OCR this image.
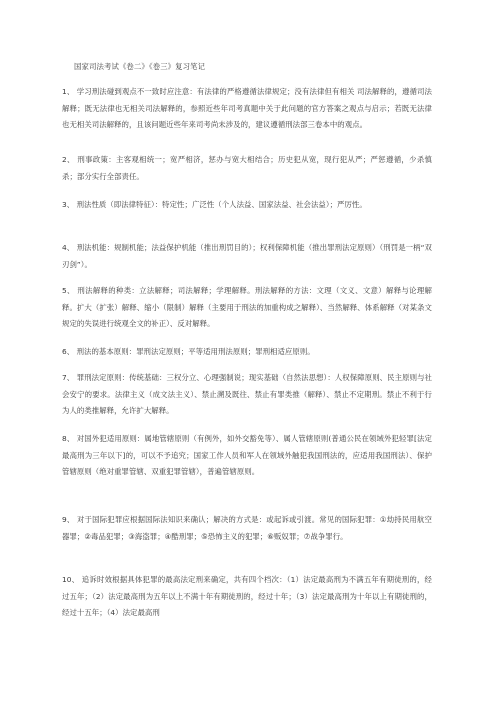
国家司法考试《卷二》《卷三》复习笔记
1、 学习刑法碰到观点不一致时应注意：有法律的严格遵循法律规定；没有法律但有相关 司法解释的，遵循司法解释；既无法律也无相关司法解释的，参照近些年司考真题中关于此问题的官方答案之观点与启示；若既无法律也无相关司法解释的，且该问题近些年来司考尚未涉及的，建议遵循刑法部三卷本中的观点。
2、 刑事政策：主客观相统一；宽严相济，惩办与宽大相结合；历史犯从宽，现行犯从严；严惩遵循，少杀慎杀；部分实行全部责任。
3、 刑法性质（即法律特征）：特定性；广泛性（个人法益、国家法益、社会法益）；严厉性。
4、 刑法机能：规制机能；法益保护机能（推出刑罚目的）；权利保障机能（推出罪刑法定原则）（刑罚是一柄“双刃剑”）。
5、 刑法解释的种类：立法解释；司法解释；学理解释。刑法解释的方法：文理（文义、文意）解释与论理解释。扩大（扩张）解释、缩小（限制）解释（主要用于刑法的加重构成之解释）、当然解释、体系解释（对某条文规定的失误进行统观全文的补正）、反对解释。
6、 刑法的基本原则：罪刑法定原则；平等适用刑法原则；罪刑相适应原则。
7、 罪刑法定原则：传统基础：三权分立、心理强制说；现实基础（自然法思想）：人权保障原则、民主原则与社会安宁的要求。法律主义（成文法主义）、禁止溯及既往、禁止有罪类推（解释）、禁止不定期刑。禁止不利于行为人的类推解释，允许扩大解释。
8、 对国外犯适用原则：属地管辖原则（有例外，如外交豁免等）、属人管辖原则(普通公民在领域外犯轻罪[法定最高刑为三年以下]的，可以不予追究；国家工作人员和军人在领域外触犯我国刑法的，应适用我国刑法）、保护管辖原则（绝对重罪管辖、双重犯罪管辖），普遍管辖原则。
9、 对于国际犯罪应根据国际法知识来确认；解决的方式是：或起诉或引渡。常见的国际犯罪：①劫持民用航空器罪；②毒品犯罪；③海盗罪；④酷刑罪；⑤恐怖主义的犯罪；⑥贩奴罪；⑦战争罪行。
10、 追诉时效根据具体犯罪的最高法定刑来确定，共有四个档次：（1）法定最高刑为不满五年有期徒刑的，经过五年；（2）法定最高刑为五年以上不满十年有期徒刑的，经过十年；（3）法定最高刑为十年以上有期徒刑的，经过十五年；（4）法定最高刑
